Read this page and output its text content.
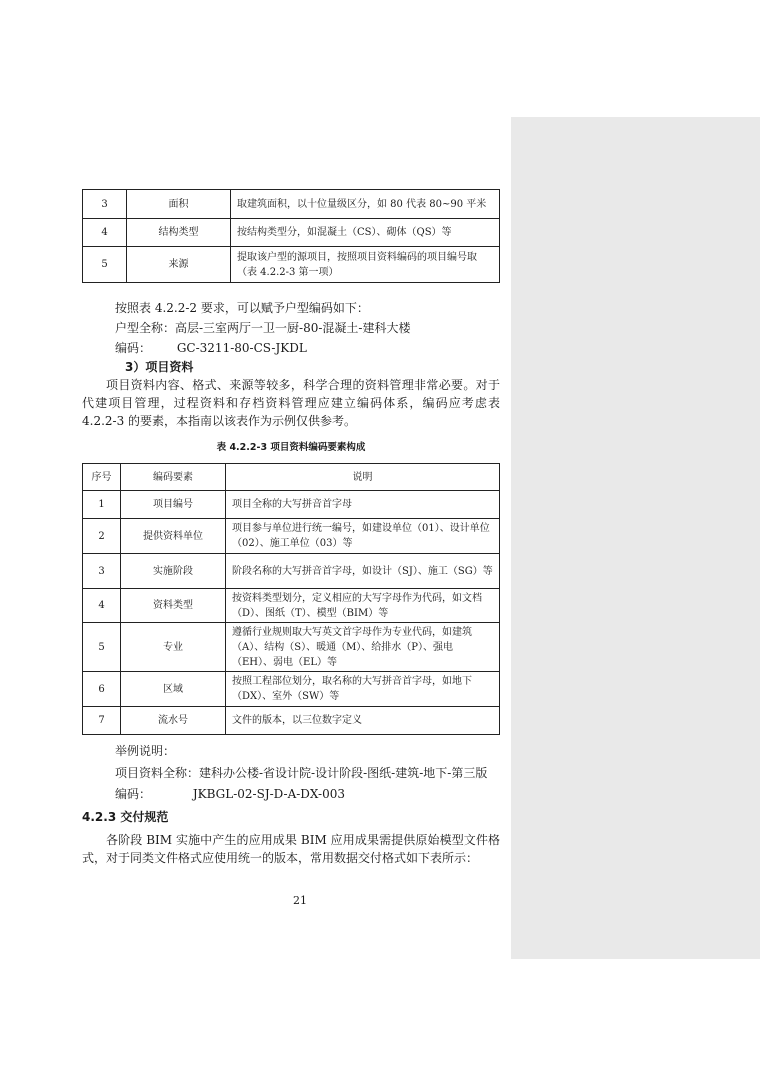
3	面积	取建筑面积，以十位量级区分，如 80 代表 80~90 平米
4	结构类型	按结构类型分，如混凝土（CS）、砌体（QS）等
5	来源	提取该户型的源项目，按照项目资料编码的项目编号取（表 4.2.2-3 第一项）
按照表 4.2.2-2 要求，可以赋予户型编码如下：
户型全称：高层-三室两厅一卫一厨-80-混凝土-建科大楼
编码： GC-3211-80-CS-JKDL
3）项目资料
项目资料内容、格式、来源等较多，科学合理的资料管理非常必要。对于代建项目管理，过程资料和存档资料管理应建立编码体系，编码应考虑表 4.2.2-3 的要素，本指南以该表作为示例仅供参考。
表 4.2.2-3 项目资料编码要素构成
序号	编码要素	说明
1	项目编号	项目全称的大写拼音首字母
2	提供资料单位	项目参与单位进行统一编号，如建设单位（01）、设计单位（02）、施工单位（03）等
3	实施阶段	阶段名称的大写拼音首字母，如设计（SJ）、施工（SG）等
4	资料类型	按资料类型划分，定义相应的大写字母作为代码，如文档（D）、图纸（T）、模型（BIM）等
5	专业	遵循行业规则取大写英文首字母作为专业代码，如建筑（A）、结构（S）、暖通（M）、给排水（P）、强电（EH）、弱电（EL）等
6	区域	按照工程部位划分，取名称的大写拼音首字母，如地下（DX）、室外（SW）等
7	流水号	文件的版本，以三位数字定义
举例说明：
项目资料全称：建科办公楼-省设计院-设计阶段-图纸-建筑-地下-第三版
编码：	JKBGL-02-SJ-D-A-DX-003
4.2.3 交付规范
各阶段 BIM 实施中产生的应用成果 BIM 应用成果需提供原始模型文件格式，对于同类文件格式应使用统一的版本，常用数据交付格式如下表所示：
21
